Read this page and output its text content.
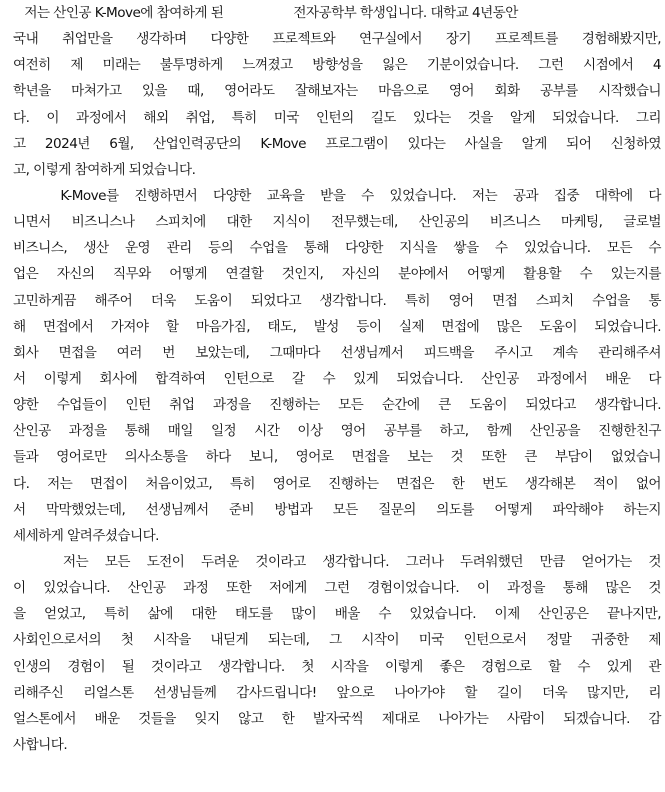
저는 산인공 K-Move에 참여하게 된	전자공학부 학생입니다. 대학교 4년동안
국내 취업만을 생각하며 다양한 프로젝트와 연구실에서 장기 프로젝트를 경험해봤지만,
여전히 제 미래는 불투명하게 느껴졌고 방향성을 잃은 기분이었습니다. 그런 시점에서 4
학년을 마쳐가고 있을 때, 영어라도 잘해보자는 마음으로 영어 회화 공부를 시작했습니
다. 이 과정에서 해외 취업, 특히 미국 인턴의 길도 있다는 것을 알게 되었습니다. 그리
고 2024년 6월, 산업인력공단의 K-Move 프로그램이 있다는 사실을 알게 되어 신청하였
고, 이렇게 참여하게 되었습니다.
K-Move를 진행하면서 다양한 교육을 받을 수 있었습니다. 저는 공과 집중 대학에 다
니면서 비즈니스나 스피치에 대한 지식이 전무했는데, 산인공의 비즈니스 마케팅, 글로벌
비즈니스, 생산 운영 관리 등의 수업을 통해 다양한 지식을 쌓을 수 있었습니다. 모든 수
업은 자신의 직무와 어떻게 연결할 것인지, 자신의 분야에서 어떻게 활용할 수 있는지를
고민하게끔 해주어 더욱 도움이 되었다고 생각합니다. 특히 영어 면접 스피치 수업을 통
해 면접에서 가져야 할 마음가짐, 태도, 발성 등이 실제 면접에 많은 도움이 되었습니다.
회사 면접을 여러 번 보았는데, 그때마다 선생님께서 피드백을 주시고 계속 관리해주셔
서 이렇게 회사에 합격하여 인턴으로 갈 수 있게 되었습니다. 산인공 과정에서 배운 다
양한 수업들이 인턴 취업 과정을 진행하는 모든 순간에 큰 도움이 되었다고 생각합니다.
산인공 과정을 통해 매일 일정 시간 이상 영어 공부를 하고, 함께 산인공을 진행한친구
들과 영어로만 의사소통을 하다 보니, 영어로 면접을 보는 것 또한 큰 부담이 없었습니
다. 저는 면접이 처음이었고, 특히 영어로 진행하는 면접은 한 번도 생각해본 적이 없어
서 막막했었는데, 선생님께서 준비 방법과 모든 질문의 의도를 어떻게 파악해야 하는지
세세하게 알려주셨습니다.
저는 모든 도전이 두려운 것이라고 생각합니다. 그러나 두려워했던 만큼 얻어가는 것
이 있었습니다. 산인공 과정 또한 저에게 그런 경험이었습니다. 이 과정을 통해 많은 것
을 얻었고, 특히 삶에 대한 태도를 많이 배울 수 있었습니다. 이제 산인공은 끝나지만,
사회인으로서의 첫 시작을 내딛게 되는데, 그 시작이 미국 인턴으로서 정말 귀중한 제
인생의 경험이 될 것이라고 생각합니다. 첫 시작을 이렇게 좋은 경험으로 할 수 있게 관
리해주신 리얼스톤 선생님들께 감사드립니다! 앞으로 나아가야 할 길이 더욱 많지만, 리
얼스톤에서 배운 것들을 잊지 않고 한 발자국씩 제대로 나아가는 사람이 되겠습니다. 감
사합니다.
